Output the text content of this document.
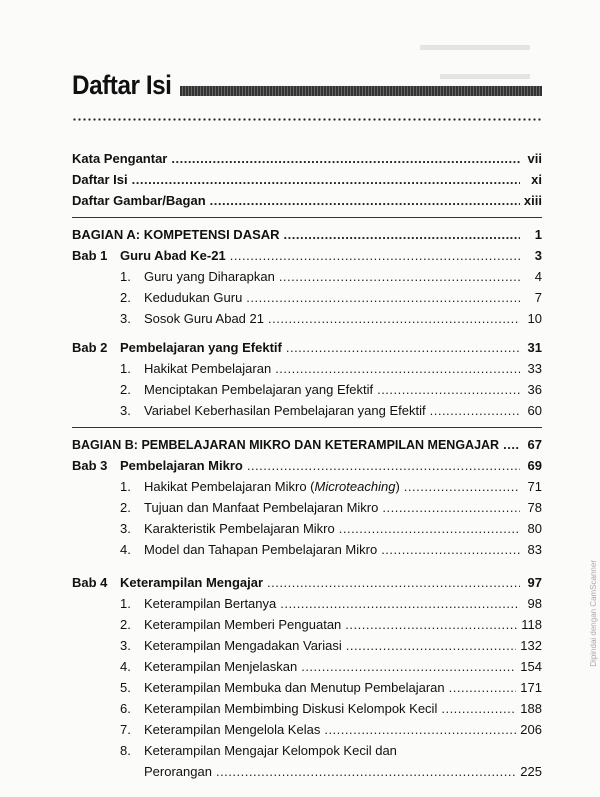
Daftar Isi
Kata Pengantar .....	vii
Daftar Isi .....	xi
Daftar Gambar/Bagan .....	xiii
BAGIAN A: KOMPETENSI DASAR .....	1
Bab 1 Guru Abad Ke-21 .....	3
1. Guru yang Diharapkan .....	4
2. Kedudukan Guru .....	7
3. Sosok Guru Abad 21 .....	10
Bab 2 Pembelajaran yang Efektif .....	31
1. Hakikat Pembelajaran .....	33
2. Menciptakan Pembelajaran yang Efektif .....	36
3. Variabel Keberhasilan Pembelajaran yang Efektif .....	60
BAGIAN B: PEMBELAJARAN MIKRO DAN KETERAMPILAN MENGAJAR ..... 67
Bab 3 Pembelajaran Mikro .....	69
1. Hakikat Pembelajaran Mikro (Microteaching) .....	71
2. Tujuan dan Manfaat Pembelajaran Mikro .....	78
3. Karakteristik Pembelajaran Mikro .....	80
4. Model dan Tahapan Pembelajaran Mikro .....	83
Bab 4 Keterampilan Mengajar .....	97
1. Keterampilan Bertanya .....	98
2. Keterampilan Memberi Penguatan .....	118
3. Keterampilan Mengadakan Variasi .....	132
4. Keterampilan Menjelaskan .....	154
5. Keterampilan Membuka dan Menutup Pembelajaran .....	171
6. Keterampilan Membimbing Diskusi Kelompok Kecil .....	188
7. Keterampilan Mengelola Kelas .....	206
8. Keterampilan Mengajar Kelompok Kecil dan
Perorangan .....	225
Dipindai dengan CamScanner
